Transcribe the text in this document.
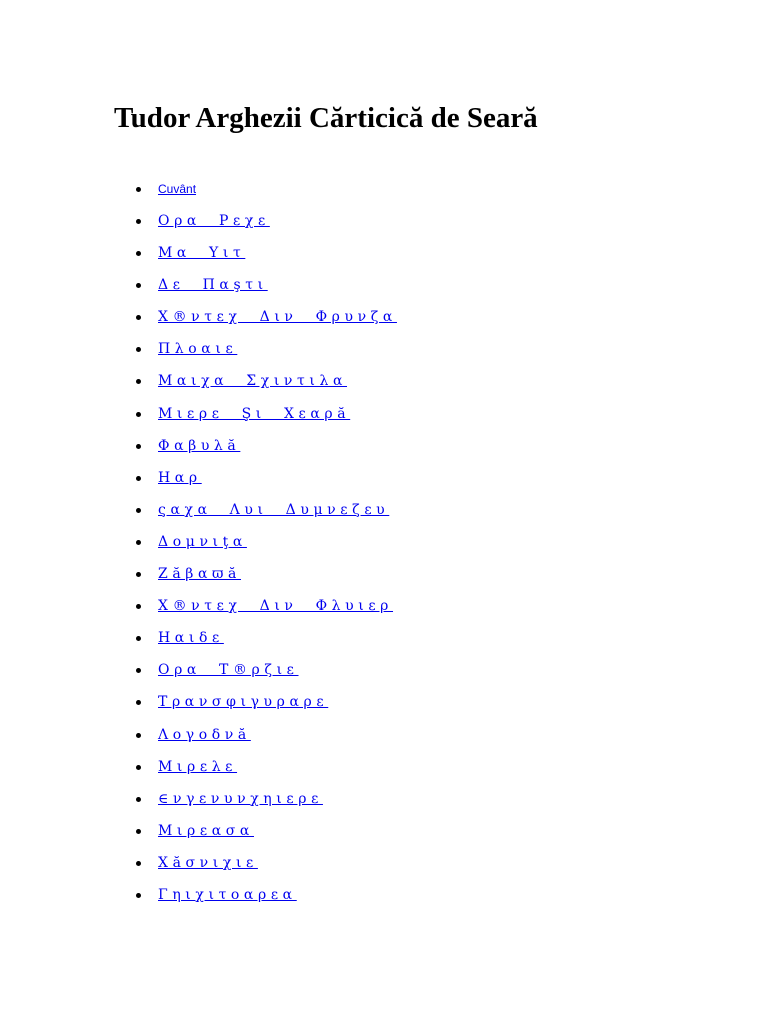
Tudor Arghezii Cărticică de Seară
Cuvânt
Ορα Ρεχε
Μα Υιτ
Δε Παşτι
Χ®ντεχ Διν Φρυνζα
Πλοαιε
Μαιχα Σχιντιλα
Μιερε Şι Χεαρă
Φαβυλă
Ηαρ
ςαχα Λυι Δυμνεζευ
Δομνιţα
Ζăβαϖă
Χ®ντεχ Διν Φλυιερ
Ηαιδε
Ορα Τ®ρζιε
Τρανσφιγυραρε
Λογοδνă
Μιρελε
∈νγενυνχηιερε
Μιρεασα
Χăσνιχιε
Γηιχιτοαρεα
